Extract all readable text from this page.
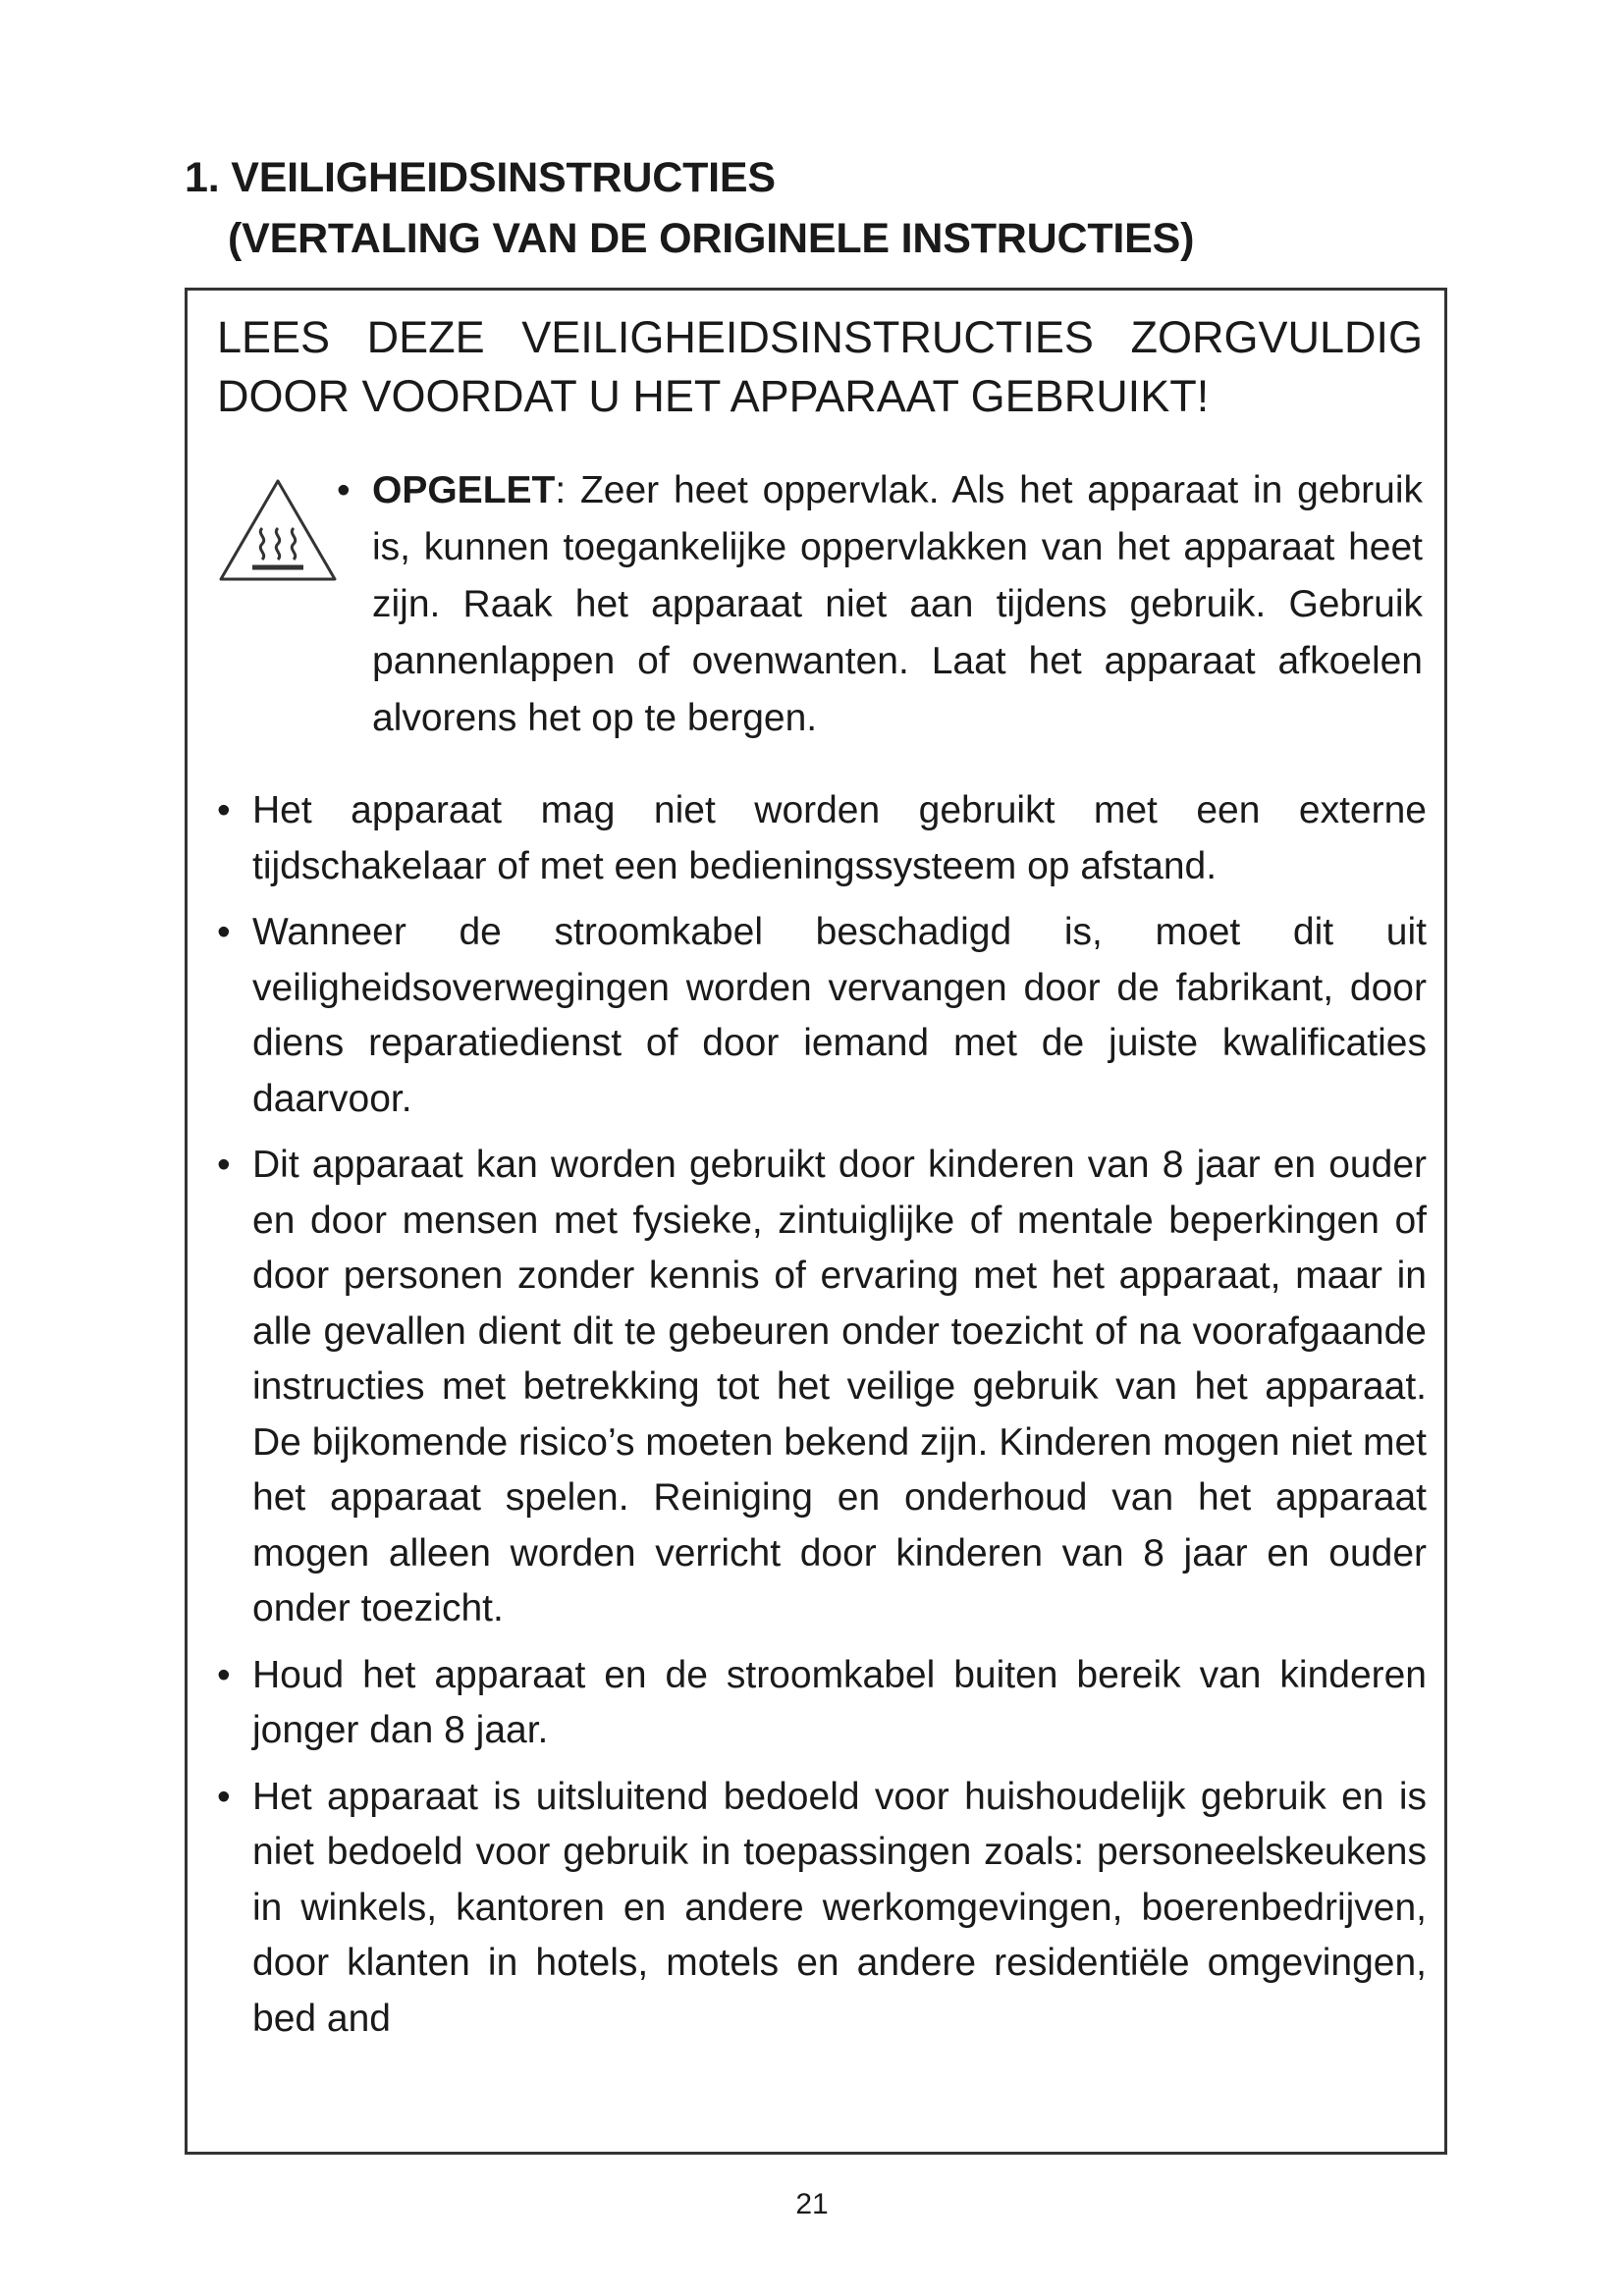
1. VEILIGHEIDSINSTRUCTIES
(VERTALING VAN DE ORIGINELE INSTRUCTIES)
LEES DEZE VEILIGHEIDSINSTRUCTIES ZORGVULDIG DOOR VOORDAT U HET APPARAAT GEBRUIKT!
• OPGELET: Zeer heet oppervlak. Als het apparaat in gebruik is, kunnen toegankelijke oppervlakken van het apparaat heet zijn. Raak het apparaat niet aan tijdens gebruik. Gebruik pannenlappen of ovenwanten. Laat het apparaat afkoelen alvorens het op te bergen.
• Het apparaat mag niet worden gebruikt met een externe tijdschakelaar of met een bedieningssysteem op afstand.
• Wanneer de stroomkabel beschadigd is, moet dit uit veiligheidsoverwegingen worden vervangen door de fabrikant, door diens reparatiedienst of door iemand met de juiste kwalificaties daarvoor.
• Dit apparaat kan worden gebruikt door kinderen van 8 jaar en ouder en door mensen met fysieke, zintuiglijke of mentale beperkingen of door personen zonder kennis of ervaring met het apparaat, maar in alle gevallen dient dit te gebeuren onder toezicht of na voorafgaande instructies met betrekking tot het veilige gebruik van het apparaat. De bijkomende risico’s moeten bekend zijn. Kinderen mogen niet met het apparaat spelen. Reiniging en onderhoud van het apparaat mogen alleen worden verricht door kinderen van 8 jaar en ouder onder toezicht.
• Houd het apparaat en de stroomkabel buiten bereik van kinderen jonger dan 8 jaar.
• Het apparaat is uitsluitend bedoeld voor huishoudelijk gebruik en is niet bedoeld voor gebruik in toepassingen zoals: personeelskeukens in winkels, kantoren en andere werkomgevingen, boerenbedrijven, door klanten in hotels, motels en andere residentiële omgevingen, bed and
21
